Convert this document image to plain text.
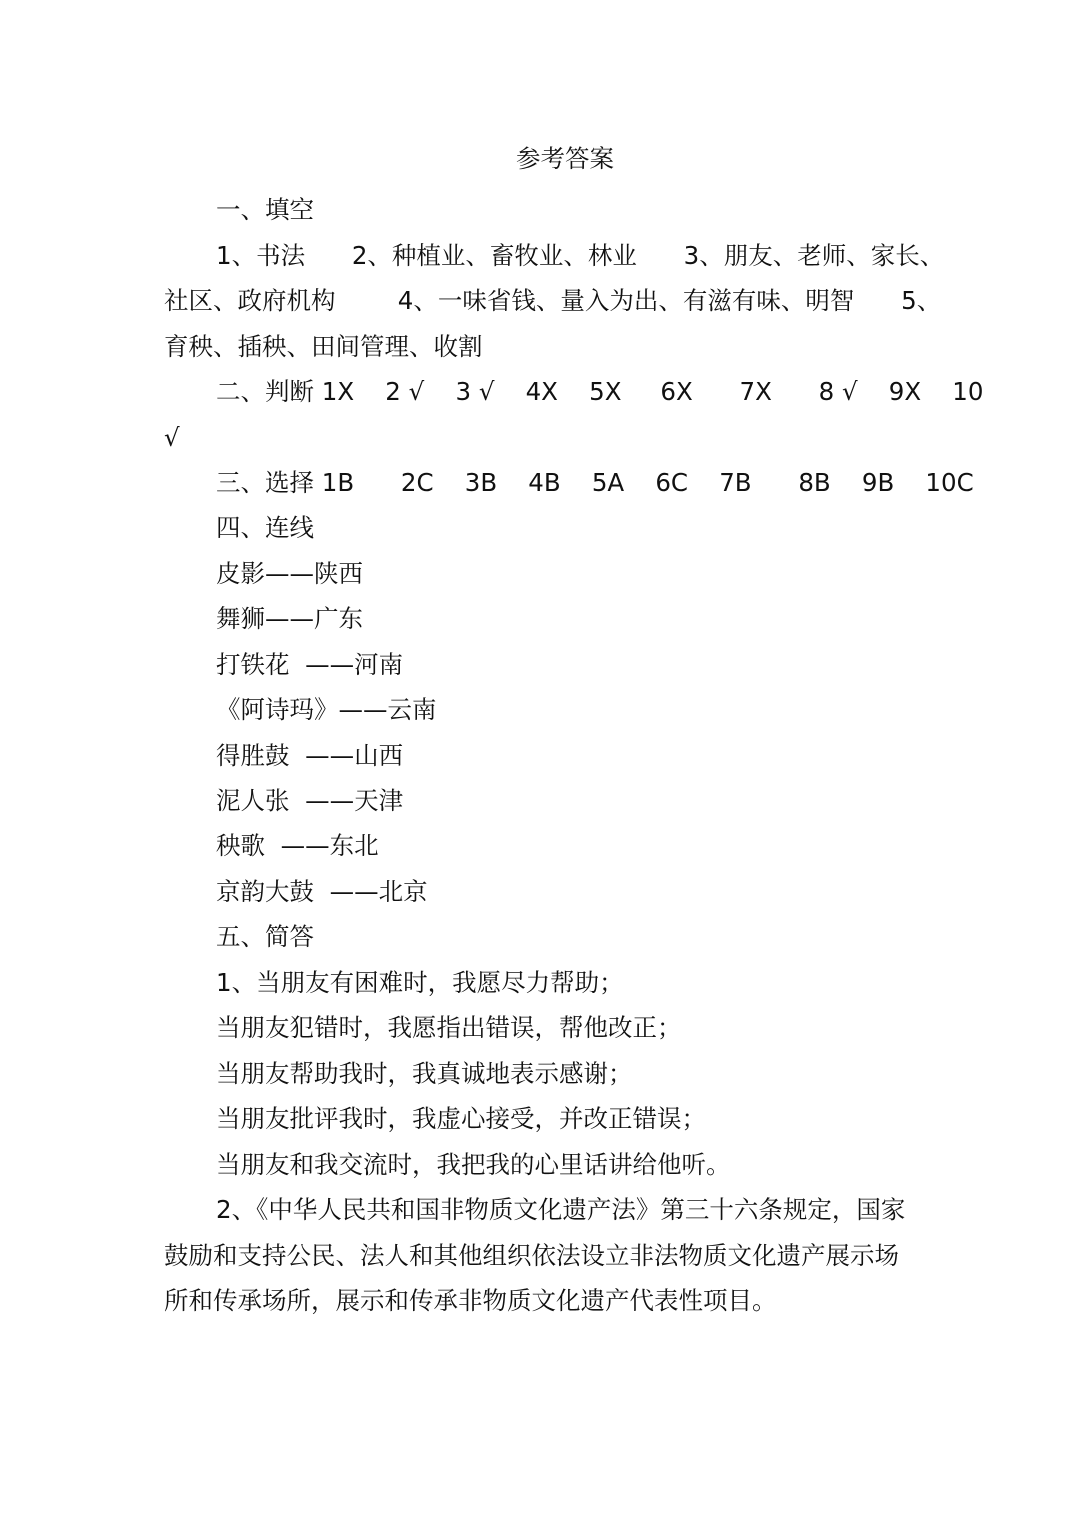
参考答案

一、填空

1、书法      2、种植业、畜牧业、林业      3、朋友、老师、家长、

社区、政府机构        4、一味省钱、量入为出、有滋有味、明智      5、

育秧、插秧、田间管理、收割

二、判断 1X    2 √    3 √    4X    5X     6X      7X      8 √    9X    10

√

三、选择 1B      2C    3B    4B    5A    6C    7B      8B    9B    10C

四、连线

皮影——陕西

舞狮——广东

打铁花  ——河南

《阿诗玛》——云南

得胜鼓  ——山西

泥人张  ——天津

秧歌  ——东北

京韵大鼓  ——北京

五、简答

1、当朋友有困难时，我愿尽力帮助；

当朋友犯错时，我愿指出错误，帮他改正；

当朋友帮助我时，我真诚地表示感谢；

当朋友批评我时，我虚心接受，并改正错误；

当朋友和我交流时，我把我的心里话讲给他听。

2、《中华人民共和国非物质文化遗产法》第三十六条规定，国家

鼓励和支持公民、法人和其他组织依法设立非法物质文化遗产展示场

所和传承场所，展示和传承非物质文化遗产代表性项目。
